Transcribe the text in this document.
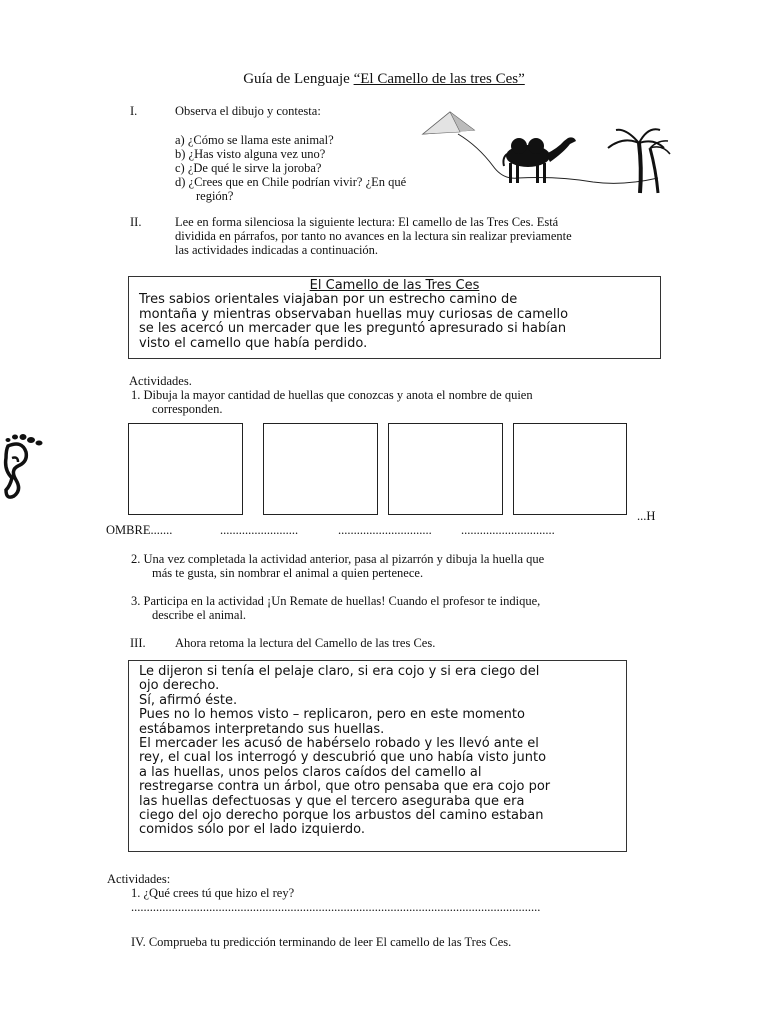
Guía de Lenguaje “El Camello de las tres Ces”
I.	Observa el dibujo y contesta:
a) ¿Cómo se llama este animal?
b) ¿Has visto alguna vez uno?
c) ¿De qué le sirve la joroba?
d) ¿Crees que en Chile podrían vivir? ¿En qué
región?
II.	Lee en forma silenciosa la siguiente lectura: El camello de las Tres Ces. Está
dividida en párrafos, por tanto no avances en la lectura sin realizar previamente
las actividades indicadas a continuación.
El Camello de las Tres Ces
Tres sabios orientales viajaban por un estrecho camino de
montaña y mientras observaban huellas muy curiosas de camello
se les acercó un mercader que les preguntó apresurado si habían
visto el camello que había perdido.
Actividades.
1. Dibuja la mayor cantidad de huellas que conozcas y anota el nombre de quien
corresponden.
...H
OMBRE.......	.........................	.............................. ..............................
2. Una vez completada la actividad anterior, pasa al pizarrón y dibuja la huella que
más te gusta, sin nombrar el animal a quien pertenece.
3. Participa en la actividad ¡Un Remate de huellas! Cuando el profesor te indique,
describe el animal.
III. Ahora retoma la lectura del Camello de las tres Ces.
Le dijeron si tenía el pelaje claro, si era cojo y si era ciego del
ojo derecho.
Sí, afirmó éste.
Pues no lo hemos visto – replicaron, pero en este momento
estábamos interpretando sus huellas.
El mercader les acusó de habérselo robado y les llevó ante el
rey, el cual los interrogó y descubrió que uno había visto junto
a las huellas, unos pelos claros caídos del camello al
restregarse contra un árbol, que otro pensaba que era cojo por
las huellas defectuosas y que el tercero aseguraba que era
ciego del ojo derecho porque los arbustos del camino estaban
comidos sólo por el lado izquierdo.
Actividades:
1. ¿Qué crees tú que hizo el rey?
...................................................................................................................................
IV. Comprueba tu predicción terminando de leer El camello de las Tres Ces.
